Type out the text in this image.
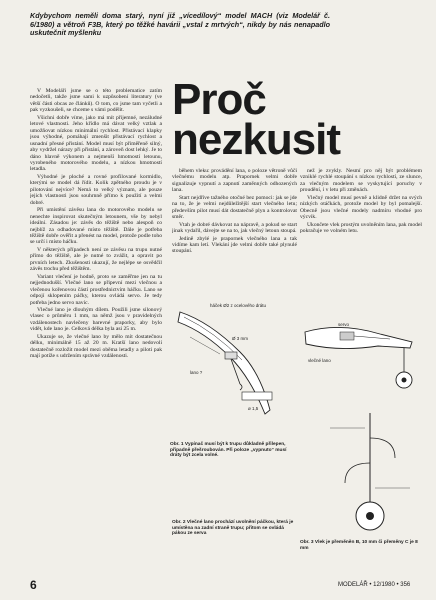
Kdybychom neměli doma starý, nyní již „vícedílový“ model MACH (viz Modelář č. 6/1980) a větroň F3B, který po těžké havárii „vstal z mrtvých“, nikdy by nás nenapadlo uskutečnit myšlenku
Proč
nezkusit

V Modeláři jsme se o této problematice zatím nedočetli, takže jsme sami k uzpůsobení literatury (ve větší části obcas ze článků). O tom, co jsme tam vyčetli a pak vyzkoušeli, se chceme s vámi podělit.

Všichni dobře víme, jako má mít přijemné, nezáludné letové vlastnosti. Jeho křídlo má dávat velký vztlak a umožňovat nízkou minimální rychlost. Přistávací klapky jsou výhodné, pomáhají zmenšit přistávací rychlost a usnadní přesné přistání. Model musí být přiměřeně silný, aby vydržel nárazy při přistání, a zároveň dost lehký. Je to dáno hlavně výkonem a nejmenší hmotností letounu, vyrobeného motorového modelu, a nízkou hmotností letadla.

Výhodné je ploché a rovné profilované kormidlo, kterými se model dá řídit. Kolik zpětného proudu je v pilotování nejvíce? Nemá to velký význam, ale pouze jejich vlastnosti jsou souhrnně přímo k použití a velmi dobré.

Při umístění závěsu lana do motorového modelu se nenechte inspirovat skutečným letounem, vše by nebyl ideální. Zásadou je: závěs do těžiště nebo alespoň co nejblíž za odhadované místo těžiště. Dále je potřeba těžiště dobře ověřit a přenést na model, protože podle toho se určí i místo háčku.

V některých případech není ze závěsu na trupu nutné přímo do těžiště, ale je nutné to zvážit, a opravit po prvních letech. Zkušenosti ukazují, že nejlépe se osvědčil závěs trochu před těžištěm.

Variant vlečení je hodně, proto se zaměřme jen na tu nejjednodušší. Vlečné lano se připevní mezi vlečnou a vlečenou kořenovou částí prostřednictvím háčku. Lano se odpojí sklopením páčky, kterou ovládá servo. Je tedy potřeba jedno servo navíc.

Vlečné lano je dlouhým dílem. Použili jsme silonový vlasec o průměru 1 mm, na němž jsou v pravidelných vzdálenostech navlečeny barevné praporky, aby bylo vidět, kde lano je. Celková délka byla asi 25 m.

Ukazuje se, že vlečné lano by mělo mít dostatečnou délku, minimálně 15 až 20 m. Kratší lano nedovolí dostatečně rozložit model mezi oběma letadly a piloti pak mají potíže s udržením správné vzdálenosti.

během vleku: provádění lana, o poloze větroně vůči vlečnému modelu atp. Prapornek velmi dobře signalizuje vypnutí a zapnutí zaměnných odhozených lana.

Start nejdříve tažného otočné bez pomoci: jak se jde na to, že je velmi nejdůležitější start vlečného letu; především pilot musí dát dostatečně plyn a kontrolovat směr.

Vtah je dobré dávkovat na nápravě, a pokud se start jinak vydařil, dávejte se na to, jak vlečný letoun stoupá.

Jedině zbylé je prapornek vlečného lana a tak vidíme kam letí. Vlekání jde velmi dobře také plynulé stoupání.

než je zvykly. Nesmí pro něj být problémem vzniklé rychlé stoupání s nízkou rychlostí, ze slunce, za vlečným modelem se vyskytující poruchy v proudění, i v letu při změnách.

Vlečný model musí pevně a klidně držet na svých nízkých otáčkách, protože model by byl pomalejší. Obecně jsou vlečné modely nadmíru vhodné pro výcvik.

Ukončete vlek prostým uvolněním lana, pak model pokračuje ve volném letu.

háček Ø2 z ocelového drátu
lano ?
ø 1,5
Ø 3 mm
Obr. 1 Vypínač musí být k trupu důkladně přilepen, připadně přešroubován. Při poloze „vypnuto“ musí dráty být zcela volné.
vlečné lano
servo
Obr. 2 Vlečné lano prochází uvolnění páčkou, která je umístěna na zadní straně trupu; přitom se ovládá pákou ze serva
Obr. 3 Vlek je přeměněn B, 10 mm či přeměny C je 8 mm
6	MODELÁŘ • 12/1980 • 356
